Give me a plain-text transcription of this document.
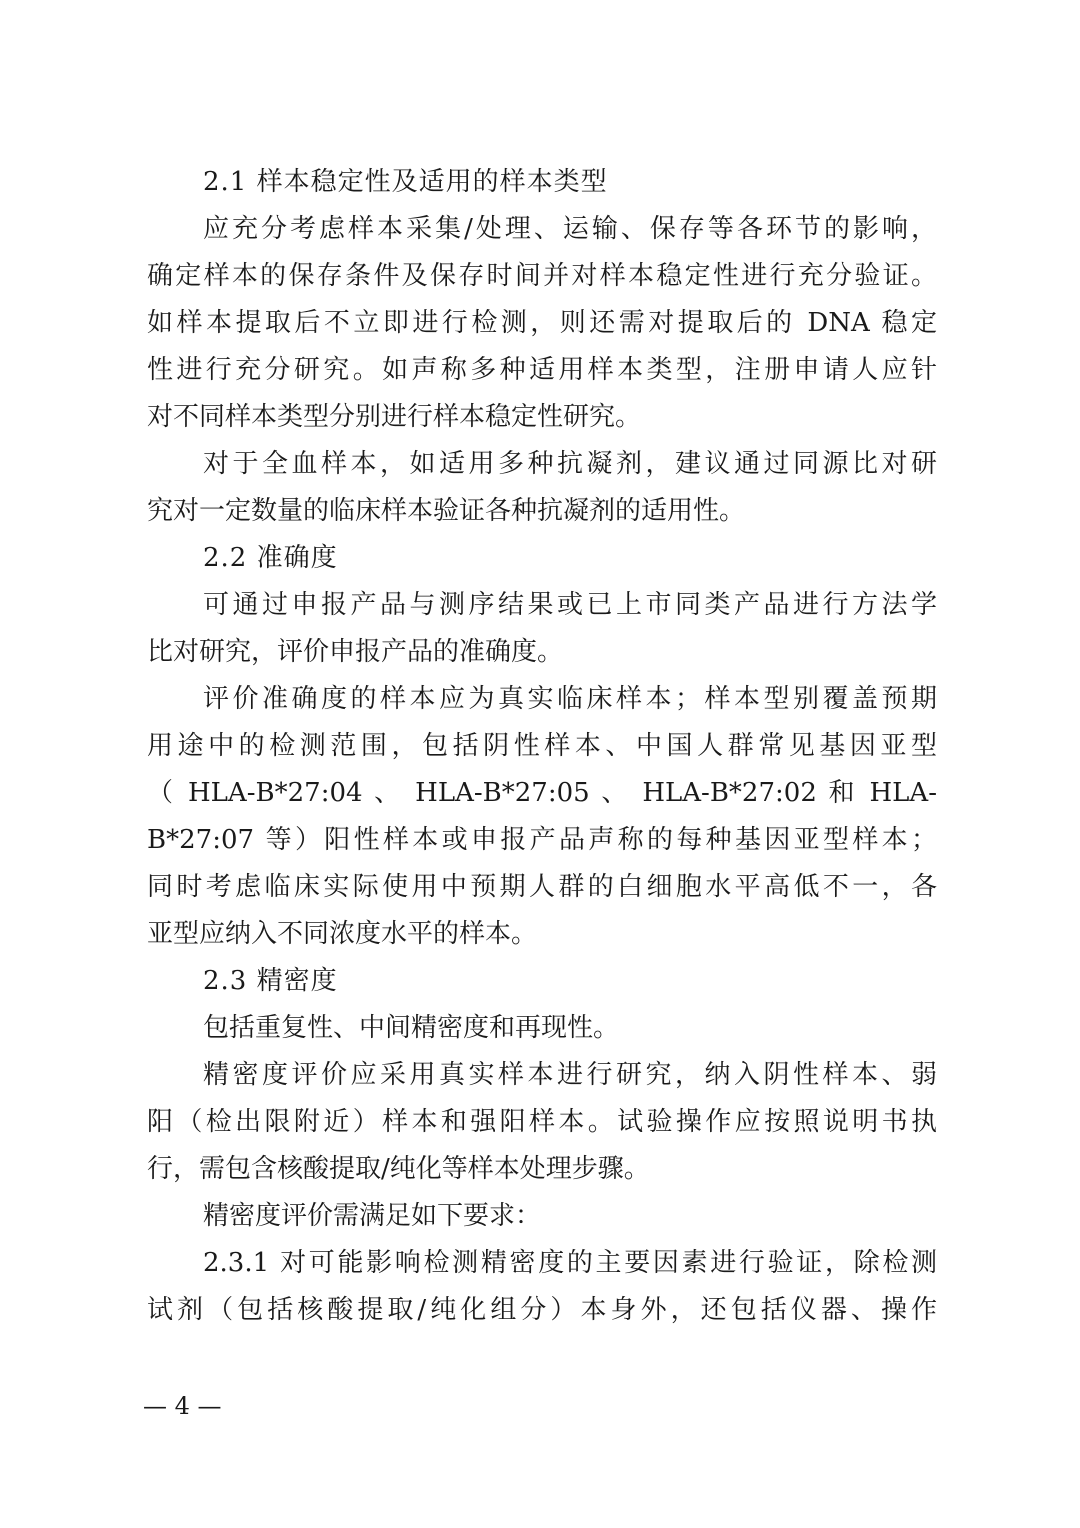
2.1 样本稳定性及适用的样本类型
应充分考虑样本采集/处理、运输、保存等各环节的影响，
确定样本的保存条件及保存时间并对样本稳定性进行充分验证。
如样本提取后不立即进行检测，则还需对提取后的 DNA 稳定
性进行充分研究。如声称多种适用样本类型，注册申请人应针
对不同样本类型分别进行样本稳定性研究。
对于全血样本，如适用多种抗凝剂，建议通过同源比对研
究对一定数量的临床样本验证各种抗凝剂的适用性。
2.2 准确度
可通过申报产品与测序结果或已上市同类产品进行方法学
比对研究，评价申报产品的准确度。
评价准确度的样本应为真实临床样本；样本型别覆盖预期
用途中的检测范围，包括阴性样本、中国人群常见基因亚型
（ HLA-B*27:04 、 HLA-B*27:05 、 HLA-B*27:02 和 HLA-
B*27:07 等）阳性样本或申报产品声称的每种基因亚型样本；
同时考虑临床实际使用中预期人群的白细胞水平高低不一，各
亚型应纳入不同浓度水平的样本。
2.3 精密度
包括重复性、中间精密度和再现性。
精密度评价应采用真实样本进行研究，纳入阴性样本、弱
阳（检出限附近）样本和强阳样本。试验操作应按照说明书执
行，需包含核酸提取/纯化等样本处理步骤。
精密度评价需满足如下要求：
2.3.1 对可能影响检测精密度的主要因素进行验证，除检测
试剂（包括核酸提取/纯化组分）本身外，还包括仪器、操作
— 4 —
